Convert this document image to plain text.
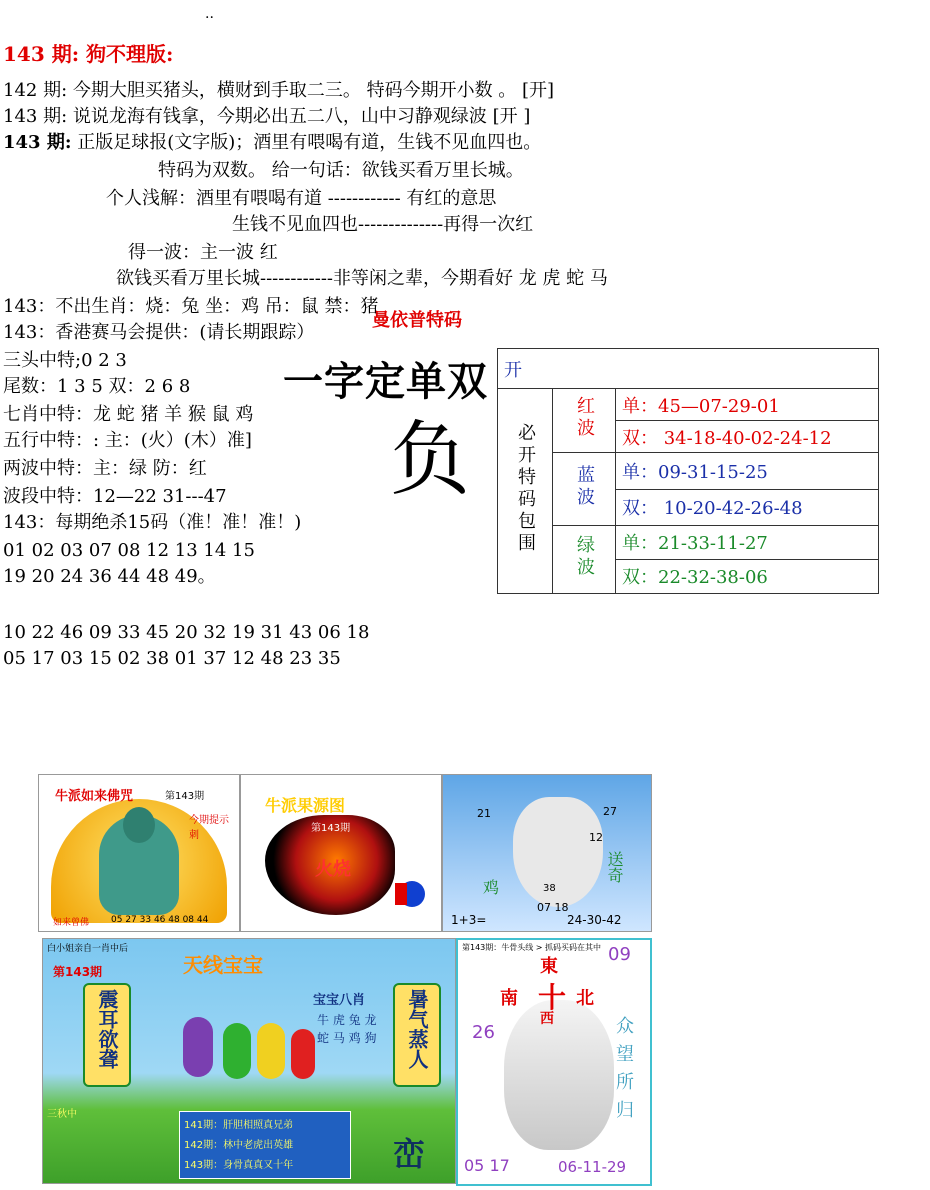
..
143 期: 狗不理版:
142 期: 今期大胆买猪头，横财到手取二三。 特码今期开小数 。 [开]
143 期: 说说龙海有钱拿，今期必出五二八，山中习静观绿波 [开 ]
143 期: 正版足球报(文字版)；酒里有喂喝有道，生钱不见血四也。
特码为双数。 给一句话：欲钱买看万里长城。
个人浅解：酒里有喂喝有道 ------------ 有红的意思
生钱不见血四也--------------再得一次红
得一波：主一波 红
欲钱买看万里长城------------非等闲之辈，今期看好 龙 虎 蛇 马
143：不出生肖：烧：兔 坐：鸡 吊：鼠 禁：猪
曼依普特码
143：香港赛马会提供：(请长期跟踪）
一字定单双
负
三头中特;0 2 3
尾数：1 3 5 双：2 6 8
七肖中特：龙 蛇 猪 羊 猴 鼠 鸡
五行中特：: 主：(火）(木）准]
两波中特：主：绿 防：红
波段中特：12—22 31---47
143：每期绝杀15码（准！准！准！)
01 02 03 07 08 12 13 14 15
19 20 24 36 44 48 49。
10 22 46 09 33 45 20 32 19 31 43 06 18
05 17 03 15 02 38 01 37 12 48 23 35
开		
必开特码包围	红波	单：45—07-29-01
		双： 34-18-40-02-24-12
	蓝波	单：09-31-15-25
		双： 10-20-42-26-48
	绿波	单：21-33-11-27
		双：22-32-38-06
牛派如来佛咒	第143期
今期提示 刺
如来曾佛 05 27 33 46 48 08 44
牛派果源图
第143期
火烧
21	27
12
38
07 18
鸡
送奇
1+3=	24-30-42
白小姐亲自一肖中后
第143期	天线宝宝
震耳欲聋	暑气蒸人
宝宝八肖
牛 虎 兔 龙 蛇 马 鸡 狗
三秋中
141期：肝胆相照真兄弟
142期：林中老虎出英雄
143期：身骨真真又十年	峦
第143期：牛骨头线 > 抓码买码在其中 09
東
南 十 北
西
26	众望所归
05 17	06-11-29
